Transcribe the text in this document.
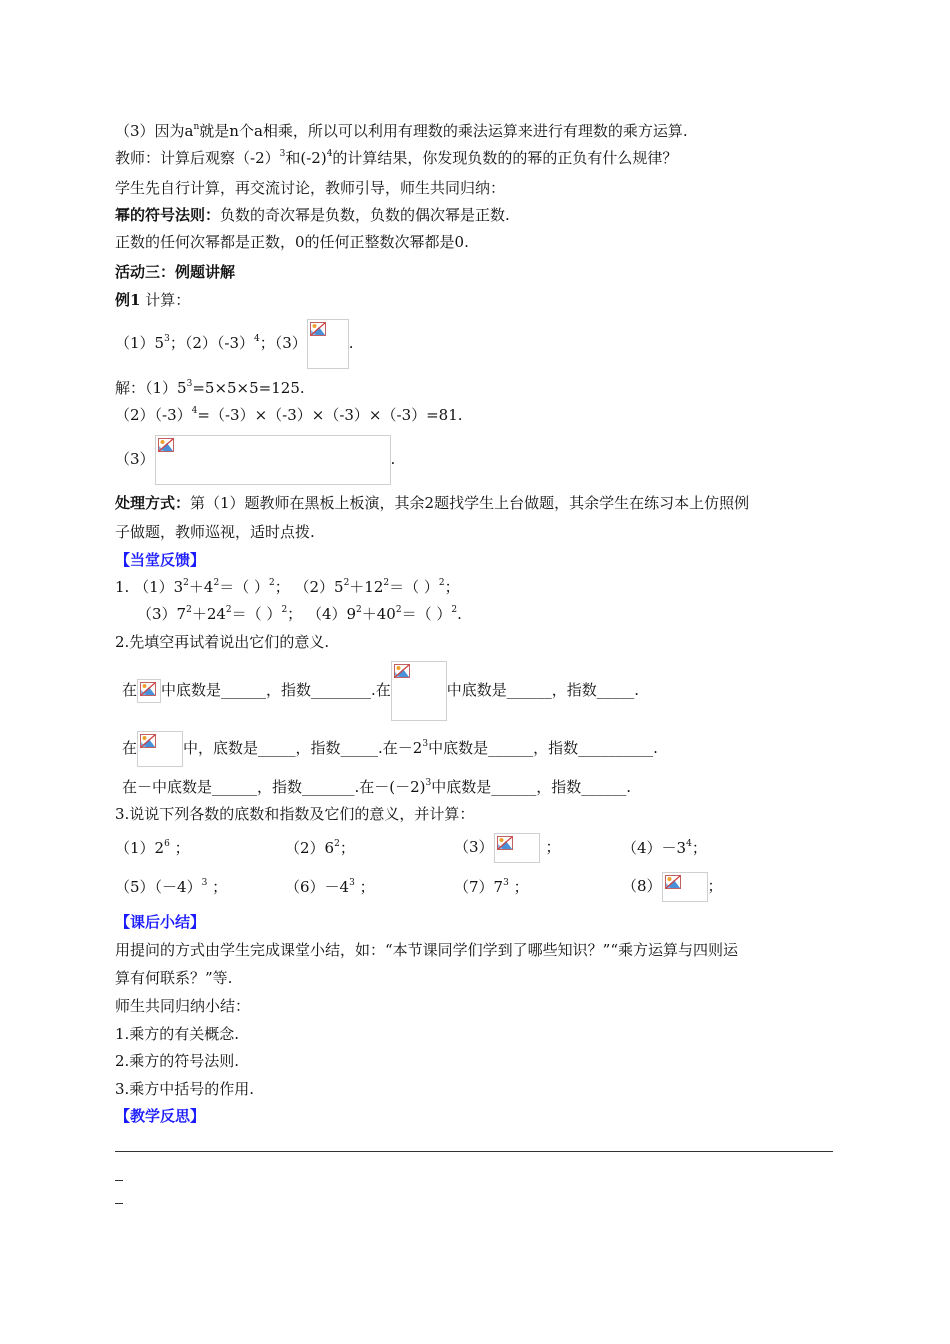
（3）因为$a^n$就是n个a相乘，所以可以利用有理数的乘法运算来进行有理数的乘方运算.
教师：计算后观察$(-2)^3$和$(-2)^4$的计算结果，你发现负数的的幂的正负有什么规律？
学生先自行计算，再交流讨论，教师引导，师生共同归纳：
幂的符号法则：负数的奇次幂是负数，负数的偶次幂是正数.
正数的任何次幂都是正数，0的任何正整数次幂都是0.
活动三：例题讲解
例1 计算：
$(1)5^3$；$(2)(-3)^4$；（3）	.
解：$(1)5^3=5\times 5\times 5=125$.
$(2)(-3)^4=(-3)\times(-3)\times(-3)\times(-3)=81$.
（3）	.
处理方式：第（1）题教师在黑板上板演，其余2题找学生上台做题，其余学生在练习本上仿照例
子做题，教师巡视，适时点拨.
【当堂反馈】
1. $(1)3^2+4^2=$（ ）$^2$； $(2)5^2+12^2=$（ ）$^2$；
$(3)7^2+24^2=$（ ）$^2$； $(4)9^2+40^2=$（ ）$^2$.
2.先填空再试着说出它们的意义.
在 中底数是______，指数________.在	中底数是______，指数_____.
在	中，底数是_____，指数_____.在$-2^3$中底数是______，指数__________.
在－中底数是______，指数_______.在$-(-2)^3$中底数是______，指数______.
3.说说下列各数的底数和指数及它们的意义，并计算：
$(1)2^6$ ；	$(2)6^2$；	（3）	；	$(4)-3^4$；
$(5)(-4)^3$ ；	$(6)-4^3$ ；	$(7)7^3$ ；	（8）	；
【课后小结】
用提问的方式由学生完成课堂小结，如：“本节课同学们学到了哪些知识？”“乘方运算与四则运
算有何联系？”等.
师生共同归纳小结：
1.乘方的有关概念.
2.乘方的符号法则.
3.乘方中括号的作用.
【教学反思】
